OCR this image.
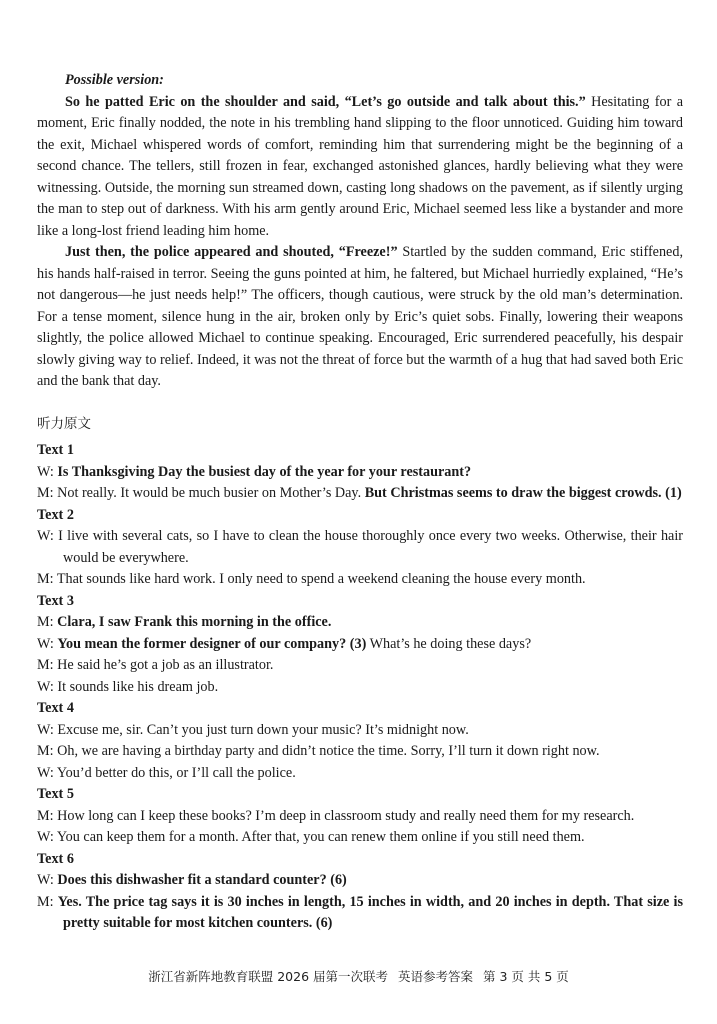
Possible version:

So he patted Eric on the shoulder and said, “Let’s go outside and talk about this.” Hesitating for a moment, Eric finally nodded, the note in his trembling hand slipping to the floor unnoticed. Guiding him toward the exit, Michael whispered words of comfort, reminding him that surrendering might be the beginning of a second chance. The tellers, still frozen in fear, exchanged astonished glances, hardly believing what they were witnessing. Outside, the morning sun streamed down, casting long shadows on the pavement, as if silently urging the man to step out of darkness. With his arm gently around Eric, Michael seemed less like a bystander and more like a long-lost friend leading him home.

Just then, the police appeared and shouted, “Freeze!” Startled by the sudden command, Eric stiffened, his hands half-raised in terror. Seeing the guns pointed at him, he faltered, but Michael hurriedly explained, “He’s not dangerous—he just needs help!” The officers, though cautious, were struck by the old man’s determination. For a tense moment, silence hung in the air, broken only by Eric’s quiet sobs. Finally, lowering their weapons slightly, the police allowed Michael to continue speaking. Encouraged, Eric surrendered peacefully, his despair slowly giving way to relief. Indeed, it was not the threat of force but the warmth of a hug that had saved both Eric and the bank that day.

听力原文

Text 1

W: Is Thanksgiving Day the busiest day of the year for your restaurant?

M: Not really. It would be much busier on Mother’s Day. But Christmas seems to draw the biggest crowds. (1)

Text 2

W: I live with several cats, so I have to clean the house thoroughly once every two weeks. Otherwise, their hair would be everywhere.

M: That sounds like hard work. I only need to spend a weekend cleaning the house every month.

Text 3

M: Clara, I saw Frank this morning in the office.

W: You mean the former designer of our company? (3) What’s he doing these days?

M: He said he’s got a job as an illustrator.

W: It sounds like his dream job.

Text 4

W: Excuse me, sir. Can’t you just turn down your music? It’s midnight now.

M: Oh, we are having a birthday party and didn’t notice the time. Sorry, I’ll turn it down right now.

W: You’d better do this, or I’ll call the police.

Text 5

M: How long can I keep these books? I’m deep in classroom study and really need them for my research.

W: You can keep them for a month. After that, you can renew them online if you still need them.

Text 6

W: Does this dishwasher fit a standard counter? (6)

M: Yes. The price tag says it is 30 inches in length, 15 inches in width, and 20 inches in depth. That size is pretty suitable for most kitchen counters. (6)

浙江省新阵地教育联盟 2026 届第一次联考 英语参考答案 第 3 页 共 5 页
